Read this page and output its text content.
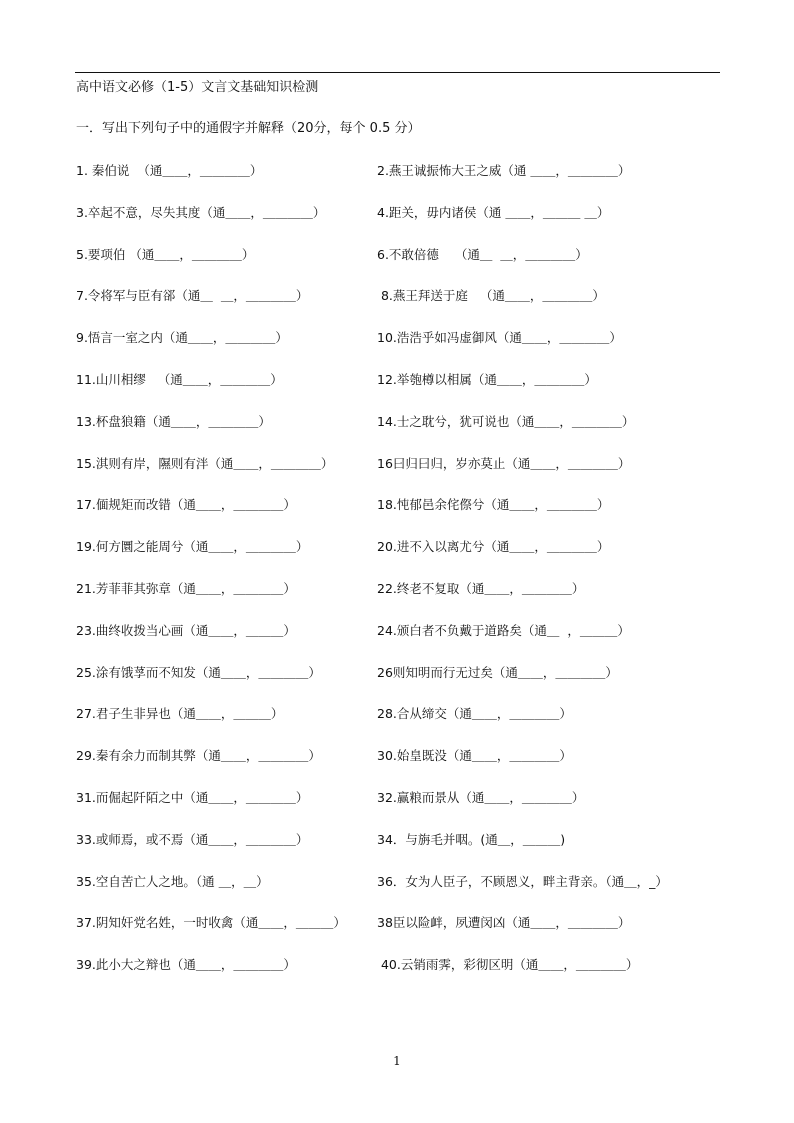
高中语文必修（1-5）文言文基础知识检测
一．写出下列句子中的通假字并解释（20分，每个 0.5 分）
1. 秦伯说  （通＿＿，＿＿＿＿）	2.燕王诚振怖大王之威（通 ＿＿，＿＿＿＿）
3.卒起不意，尽失其度（通＿＿，＿＿＿＿）	4.距关，毋内诸侯（通 ＿＿，＿＿＿ ＿）
5.要项伯 （通＿＿，＿＿＿＿）	6.不敢倍德    （通＿  ＿，＿＿＿＿）
7.令将军与臣有郤（通＿  ＿，＿＿＿＿）	8.燕王拜送于庭   （通＿＿，＿＿＿＿）
9.悟言一室之内（通＿＿，＿＿＿＿）	10.浩浩乎如冯虚御风（通＿＿，＿＿＿＿）
11.山川相缪   （通＿＿，＿＿＿＿）	12.举匏樽以相属（通＿＿，＿＿＿＿）
13.杯盘狼籍（通＿＿，＿＿＿＿）	14.士之耽兮，犹可说也（通＿＿，＿＿＿＿）
15.淇则有岸，隰则有泮（通＿＿，＿＿＿＿）	16曰归曰归，岁亦莫止（通＿＿，＿＿＿＿）
17.偭规矩而改错（通＿＿，＿＿＿＿）	18.忳郁邑余侘傺兮（通＿＿，＿＿＿＿）
19.何方圜之能周兮（通＿＿，＿＿＿＿）	20.进不入以离尤兮（通＿＿，＿＿＿＿）
21.芳菲菲其弥章（通＿＿，＿＿＿＿）	22.终老不复取（通＿＿，＿＿＿＿）
23.曲终收拨当心画（通＿＿，＿＿＿）	24.颁白者不负戴于道路矣（通＿  ，＿＿＿）
25.涂有饿莩而不知发（通＿＿，＿＿＿＿）	26则知明而行无过矣（通＿＿，＿＿＿＿）
27.君子生非异也（通＿＿，＿＿＿）	28.合从缔交（通＿＿，＿＿＿＿）
29.秦有余力而制其弊（通＿＿，＿＿＿＿）	30.始皇既没（通＿＿，＿＿＿＿）
31.而倔起阡陌之中（通＿＿，＿＿＿＿）	32.赢粮而景从（通＿＿，＿＿＿＿）
33.或师焉，或不焉（通＿＿，＿＿＿＿）	34．与旃毛并咽。(通＿，＿＿＿)
35.空自苦亡人之地。（通 ＿，＿）	36．女为人臣子，不顾恩义，畔主背亲。（通＿，_）
37.阴知奸党名姓，一时收禽（通＿＿，＿＿＿） 38臣以险衅，夙遭闵凶（通＿＿，＿＿＿＿）
39.此小大之辩也（通＿＿，＿＿＿＿）	40.云销雨霁，彩彻区明（通＿＿，＿＿＿＿）
1
